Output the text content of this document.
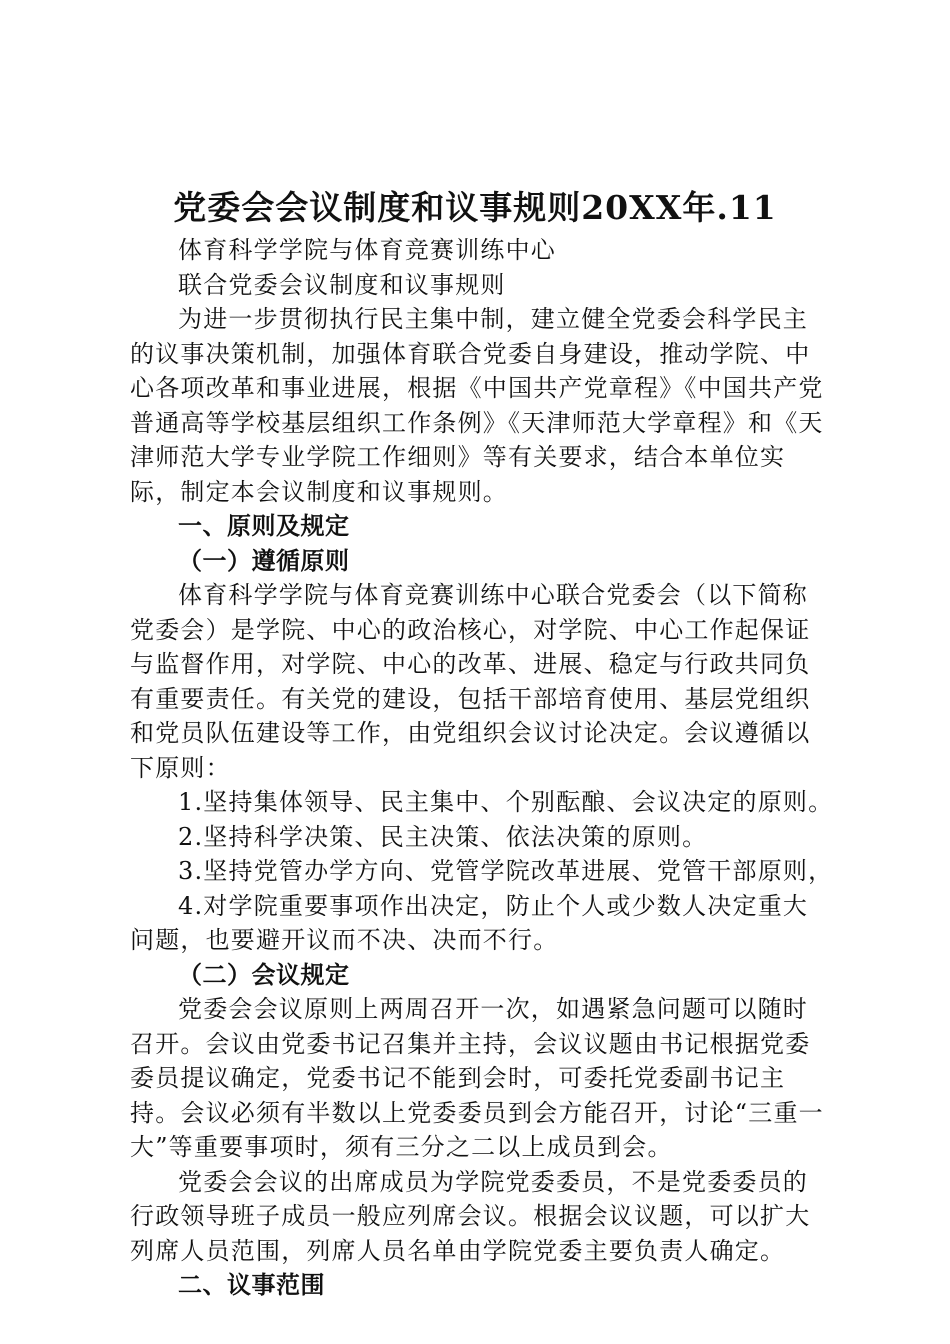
党委会会议制度和议事规则20XX年.11

体育科学学院与体育竞赛训练中心

联合党委会议制度和议事规则

为进一步贯彻执行民主集中制，建立健全党委会科学民主的议事决策机制，加强体育联合党委自身建设，推动学院、中心各项改革和事业进展，根据《中国共产党章程》《中国共产党普通高等学校基层组织工作条例》《天津师范大学章程》和《天津师范大学专业学院工作细则》等有关要求，结合本单位实际，制定本会议制度和议事规则。

一、原则及规定

（一）遵循原则

体育科学学院与体育竞赛训练中心联合党委会（以下简称党委会）是学院、中心的政治核心，对学院、中心工作起保证与监督作用，对学院、中心的改革、进展、稳定与行政共同负有重要责任。有关党的建设，包括干部培育使用、基层党组织和党员队伍建设等工作，由党组织会议讨论决定。会议遵循以下原则：

1.坚持集体领导、民主集中、个别酝酿、会议决定的原则。

2.坚持科学决策、民主决策、依法决策的原则。

3.坚持党管办学方向、党管学院改革进展、党管干部原则，

4.对学院重要事项作出决定，防止个人或少数人决定重大问题，也要避开议而不决、决而不行。

（二）会议规定

党委会会议原则上两周召开一次，如遇紧急问题可以随时召开。会议由党委书记召集并主持，会议议题由书记根据党委委员提议确定，党委书记不能到会时，可委托党委副书记主持。会议必须有半数以上党委委员到会方能召开，讨论“三重一大”等重要事项时，须有三分之二以上成员到会。

党委会会议的出席成员为学院党委委员，不是党委委员的行政领导班子成员一般应列席会议。根据会议议题，可以扩大列席人员范围，列席人员名单由学院党委主要负责人确定。

二、议事范围
